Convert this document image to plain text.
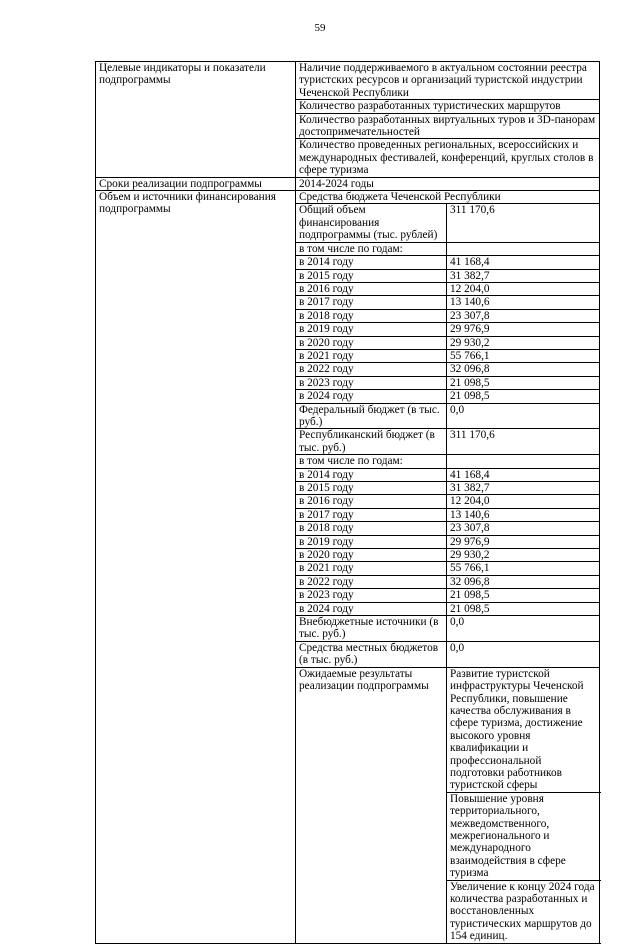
59
Целевые индикаторы и показатели подпрограммы	Наличие поддерживаемого в актуальном состоянии реестра туристских ресурсов и организаций туристской индустрии Чеченской Республики	
	Количество разработанных туристических маршрутов	
	Количество разработанных виртуальных туров и 3D-панорам достопримечательностей	
	Количество проведенных региональных, всероссийских и международных фестивалей, конференций, круглых столов в сфере туризма	
Сроки реализации подпрограммы	2014-2024 годы	
Объем и источники финансирования подпрограммы	Средства бюджета Чеченской Республики	
	Общий объем финансирования подпрограммы (тыс. рублей)	311 170,6
	в том числе по годам:	
	в 2014 году	41 168,4
	в 2015 году	31 382,7
	в 2016 году	12 204,0
	в 2017 году	13 140,6
	в 2018 году	23 307,8
	в 2019 году	29 976,9
	в 2020 году	29 930,2
	в 2021 году	55 766,1
	в 2022 году	32 096,8
	в 2023 году	21 098,5
	в 2024 году	21 098,5
	Федеральный бюджет (в тыс. руб.)	0,0
	Республиканский бюджет (в тыс. руб.)	311 170,6
	в том числе по годам:	
	в 2014 году	41 168,4
	в 2015 году	31 382,7
	в 2016 году	12 204,0
	в 2017 году	13 140,6
	в 2018 году	23 307,8
	в 2019 году	29 976,9
	в 2020 году	29 930,2
	в 2021 году	55 766,1
	в 2022 году	32 096,8
	в 2023 году	21 098,5
	в 2024 году	21 098,5
	Внебюджетные источники (в тыс. руб.)	0,0
	Средства местных бюджетов (в тыс. руб.)	0,0
	Ожидаемые результаты реализации подпрограммы	Развитие туристской инфраструктуры Чеченской Республики, повышение качества обслуживания в сфере туризма, достижение высокого уровня квалификации и профессиональной подготовки работников туристской сферы
		Повышение уровня территориального, межведомственного, межрегионального и международного взаимодействия в сфере туризма
		Увеличение к концу 2024 года количества разработанных и восстановленных туристических маршрутов до 154 единиц.
